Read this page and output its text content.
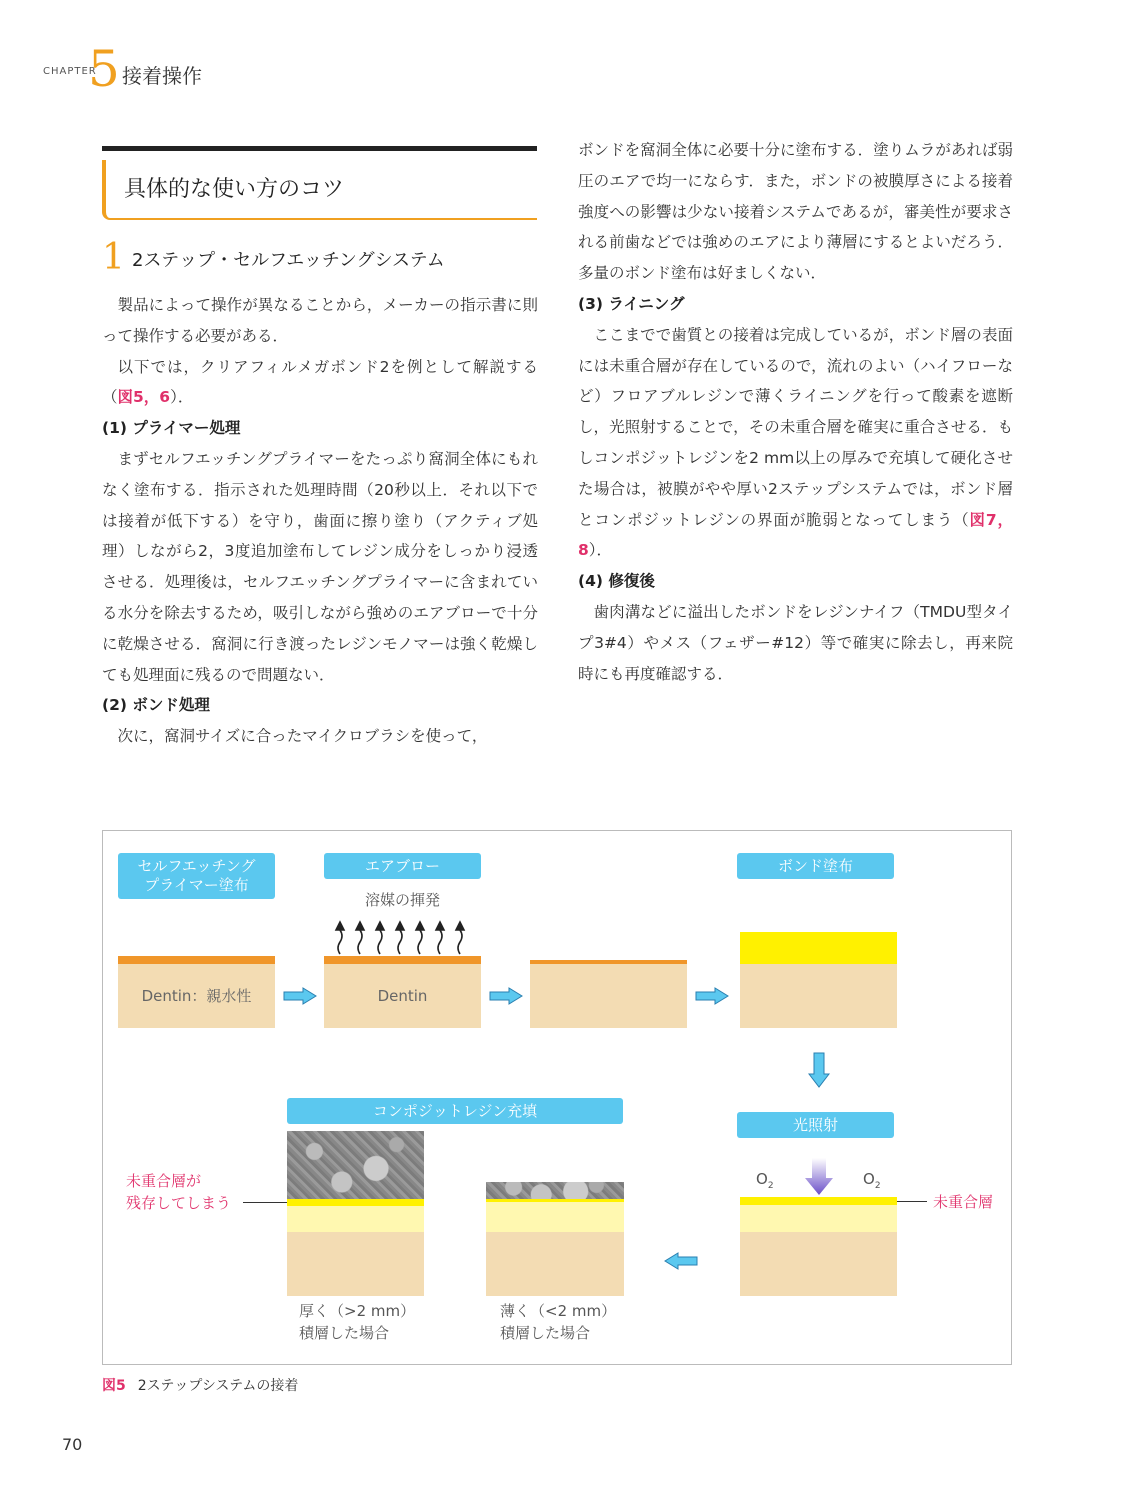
CHAPTER
5 接着操作
具体的な使い方のコツ
1 2ステップ・セルフエッチングシステム

製品によって操作が異なることから，メーカーの指示書に則って操作する必要がある．

以下では，クリアフィルメガボンド2を例として解説する（図5，6）．

(1) プライマー処理

まずセルフエッチングプライマーをたっぷり窩洞全体にもれなく塗布する．指示された処理時間（20秒以上．それ以下では接着が低下する）を守り，歯面に擦り塗り（アクティブ処理）しながら2，3度追加塗布してレジン成分をしっかり浸透させる．処理後は，セルフエッチングプライマーに含まれている水分を除去するため，吸引しながら強めのエアブローで十分に乾燥させる．窩洞に行き渡ったレジンモノマーは強く乾燥しても処理面に残るので問題ない．

(2) ボンド処理

次に，窩洞サイズに合ったマイクロブラシを使って，

ボンドを窩洞全体に必要十分に塗布する．塗りムラがあれば弱圧のエアで均一にならす．また，ボンドの被膜厚さによる接着強度への影響は少ない接着システムであるが，審美性が要求される前歯などでは強めのエアにより薄層にするとよいだろう．多量のボンド塗布は好ましくない．

(3) ライニング

ここまでで歯質との接着は完成しているが，ボンド層の表面には未重合層が存在しているので，流れのよい（ハイフローなど）フロアブルレジンで薄くライニングを行って酸素を遮断し，光照射することで，その未重合層を確実に重合させる．もしコンポジットレジンを2 mm以上の厚みで充填して硬化させた場合は，被膜がやや厚い2ステップシステムでは，ボンド層とコンポジットレジンの界面が脆弱となってしまう（図7，8）．

(4) 修復後

歯肉溝などに溢出したボンドをレジンナイフ（TMDU型タイプ3#4）やメス（フェザー#12）等で確実に除去し，再来院時にも再度確認する．

セルフエッチング
プライマー塗布
エアブロー
溶媒の揮発
ボンド塗布
Dentin：親水性	Dentin
コンポジットレジン充填
光照射
$O_2$	$O_2$
未重合層
薄く（<2 mm）
積層した場合
厚く（>2 mm）
積層した場合
未重合層が
残存してしまう
図5 2ステップシステムの接着
70
